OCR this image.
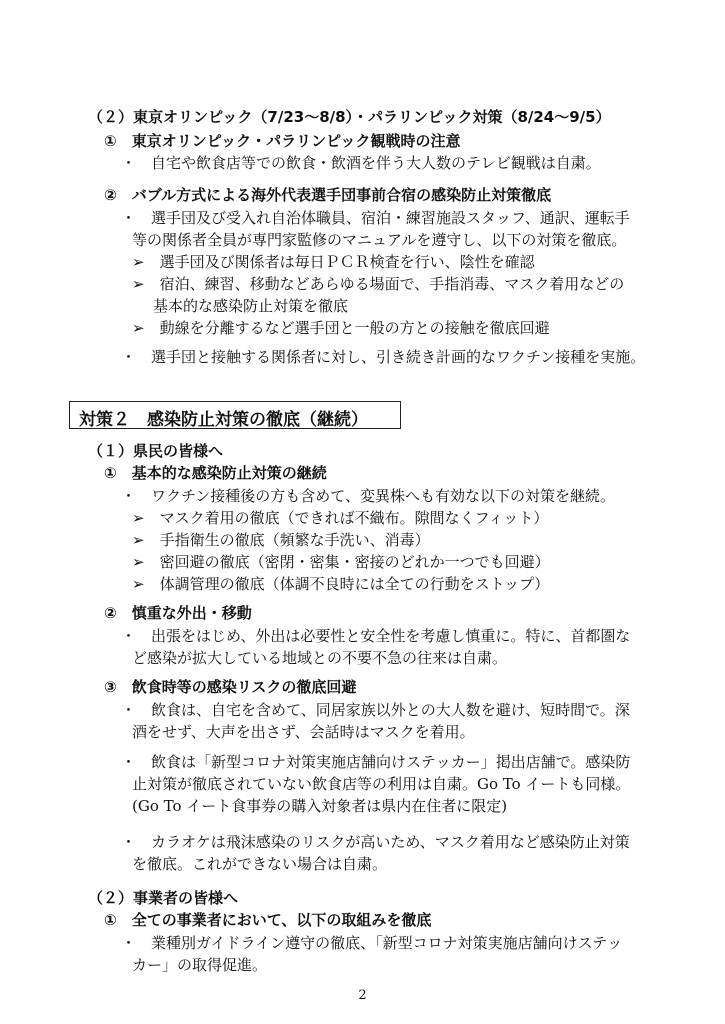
（２）東京オリンピック（7/23～8/8）・パラリンピック対策（8/24～9/5）
①　東京オリンピック・パラリンピック観戦時の注意
・　自宅や飲食店等での飲食・飲酒を伴う大人数のテレビ観戦は自粛。
②　バブル方式による海外代表選手団事前合宿の感染防止対策徹底
・　選手団及び受入れ自治体職員、宿泊・練習施設スタッフ、通訳、運転手
等の関係者全員が専門家監修のマニュアルを遵守し、以下の対策を徹底。
➢　選手団及び関係者は毎日ＰＣＲ検査を行い、陰性を確認
➢　宿泊、練習、移動などあらゆる場面で、手指消毒、マスク着用などの
基本的な感染防止対策を徹底
➢　動線を分離するなど選手団と一般の方との接触を徹底回避
・　選手団と接触する関係者に対し、引き続き計画的なワクチン接種を実施。
対策２　感染防止対策の徹底（継続）
（１）県民の皆様へ
①　基本的な感染防止対策の継続
・　ワクチン接種後の方も含めて、変異株へも有効な以下の対策を継続。
➢　マスク着用の徹底（できれば不織布。隙間なくフィット）
➢　手指衛生の徹底（頻繁な手洗い、消毒）
➢　密回避の徹底（密閉・密集・密接のどれか一つでも回避）
➢　体調管理の徹底（体調不良時には全ての行動をストップ）
②　慎重な外出・移動
・　出張をはじめ、外出は必要性と安全性を考慮し慎重に。特に、首都圏な
ど感染が拡大している地域との不要不急の往来は自粛。
③　飲食時等の感染リスクの徹底回避
・　飲食は、自宅を含めて、同居家族以外との大人数を避け、短時間で。深
酒をせず、大声を出さず、会話時はマスクを着用。
・　飲食は「新型コロナ対策実施店舗向けステッカー」掲出店舗で。感染防
止対策が徹底されていない飲食店等の利用は自粛。Go To イートも同様。
(Go To イート食事券の購入対象者は県内在住者に限定)
・　カラオケは飛沫感染のリスクが高いため、マスク着用など感染防止対策
を徹底。これができない場合は自粛。
（２）事業者の皆様へ
①　全ての事業者において、以下の取組みを徹底
・　業種別ガイドライン遵守の徹底、「新型コロナ対策実施店舗向けステッ
カー」の取得促進。
2
